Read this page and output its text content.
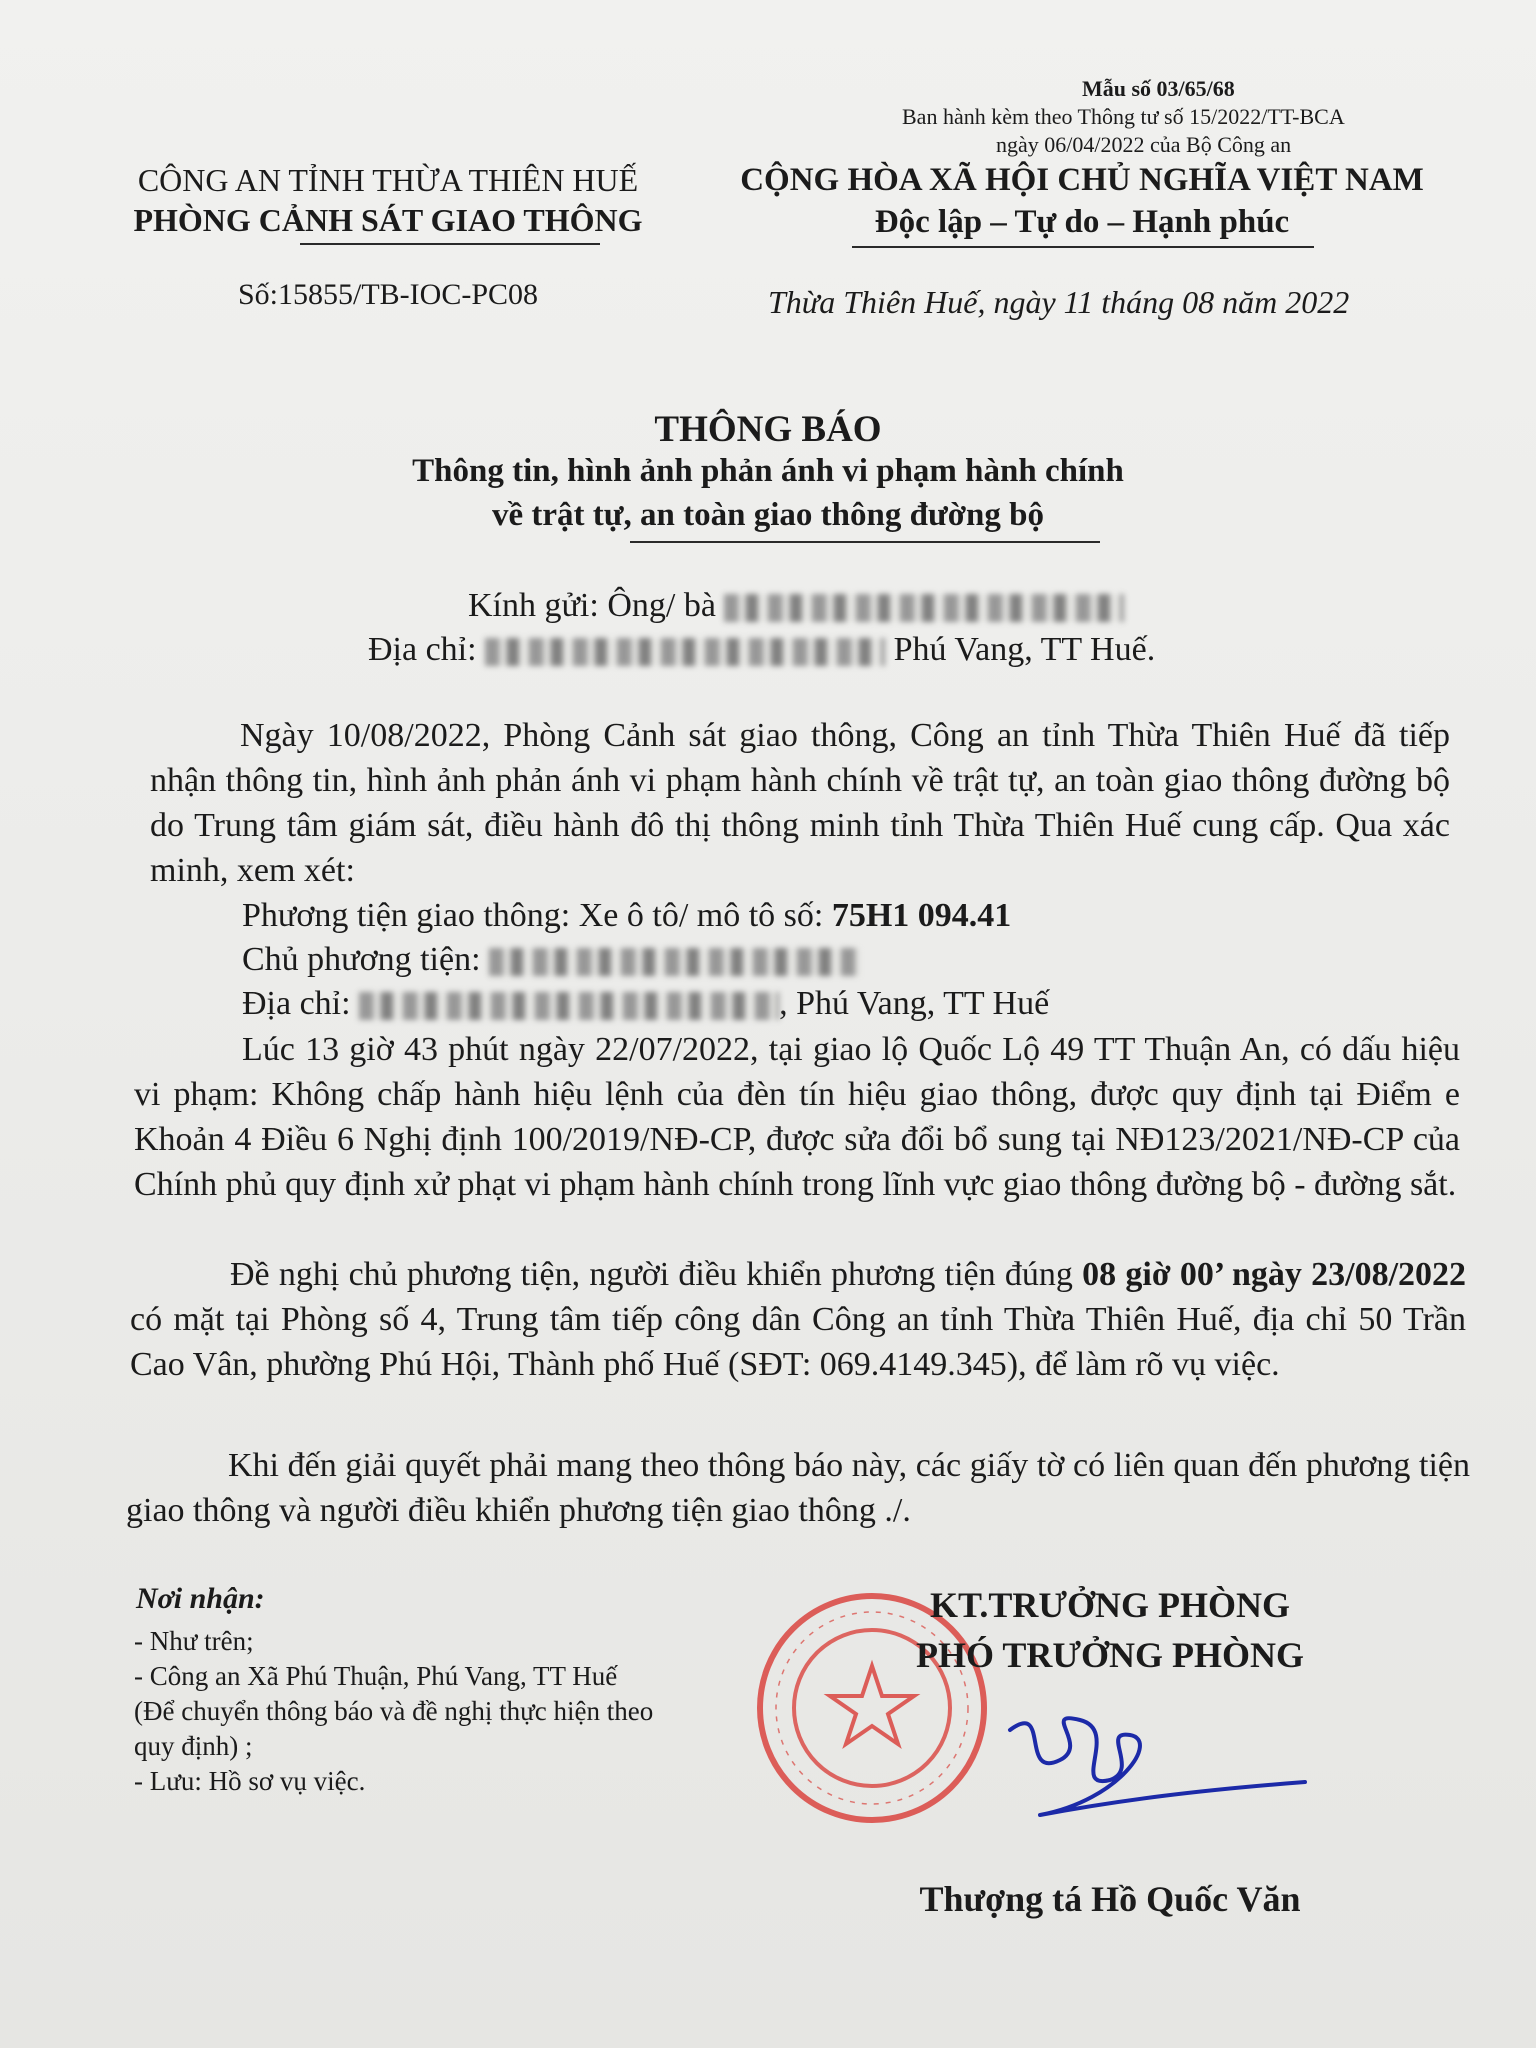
Mẫu số 03/65/68
Ban hành kèm theo Thông tư số 15/2022/TT-BCA
ngày 06/04/2022 của Bộ Công an
CÔNG AN TỈNH THỪA THIÊN HUẾ
PHÒNG CẢNH SÁT GIAO THÔNG
Số:15855/TB-IOC-PC08
CỘNG HÒA XÃ HỘI CHỦ NGHĨA VIỆT NAM
Độc lập – Tự do – Hạnh phúc
Thừa Thiên Huế, ngày 11 tháng 08 năm 2022
THÔNG BÁO
Thông tin, hình ảnh phản ánh vi phạm hành chính
về trật tự, an toàn giao thông đường bộ
Kính gửi: Ông/ bà
Địa chỉ:	Phú Vang, TT Huế.
Ngày 10/08/2022, Phòng Cảnh sát giao thông, Công an tỉnh Thừa Thiên Huế đã tiếp nhận thông tin, hình ảnh phản ánh vi phạm hành chính về trật tự, an toàn giao thông đường bộ do Trung tâm giám sát, điều hành đô thị thông minh tỉnh Thừa Thiên Huế cung cấp. Qua xác minh, xem xét:
Phương tiện giao thông: Xe ô tô/ mô tô số: 75H1 094.41
Chủ phương tiện:
Địa chỉ:	, Phú Vang, TT Huế
Lúc 13 giờ 43 phút ngày 22/07/2022, tại giao lộ Quốc Lộ 49 TT Thuận An, có dấu hiệu vi phạm: Không chấp hành hiệu lệnh của đèn tín hiệu giao thông, được quy định tại Điểm e Khoản 4 Điều 6 Nghị định 100/2019/NĐ-CP, được sửa đổi bổ sung tại NĐ123/2021/NĐ-CP của Chính phủ quy định xử phạt vi phạm hành chính trong lĩnh vực giao thông đường bộ - đường sắt.
Đề nghị chủ phương tiện, người điều khiển phương tiện đúng 08 giờ 00’ ngày 23/08/2022 có mặt tại Phòng số 4, Trung tâm tiếp công dân Công an tỉnh Thừa Thiên Huế, địa chỉ 50 Trần Cao Vân, phường Phú Hội, Thành phố Huế (SĐT: 069.4149.345), để làm rõ vụ việc.
Khi đến giải quyết phải mang theo thông báo này, các giấy tờ có liên quan đến phương tiện giao thông và người điều khiển phương tiện giao thông ./.
Nơi nhận:
- Như trên;
- Công an Xã Phú Thuận, Phú Vang, TT Huế
(Để chuyển thông báo và đề nghị thực hiện theo
quy định) ;
- Lưu: Hồ sơ vụ việc.
KT.TRƯỞNG PHÒNG
PHÓ TRƯỞNG PHÒNG
Thượng tá Hồ Quốc Văn
